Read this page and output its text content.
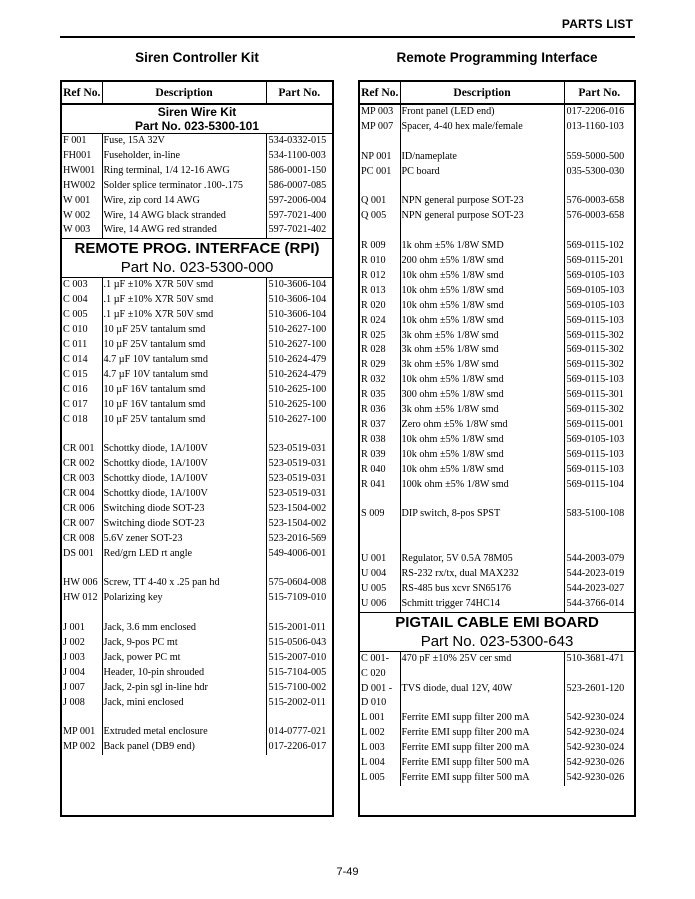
PARTS LIST
Siren Controller Kit	Remote Programming Interface
Ref No.	Description	Part No.

Siren Wire Kit
Part No. 023-5300-101		

F 001	Fuse, 15A 32V	534-0332-015
FH001	Fuseholder, in-line	534-1100-003
HW001	Ring terminal, 1/4 12-16 AWG	586-0001-150
HW002	Solder splice terminator .100-.175	586-0007-085
W 001	Wire, zip cord 14 AWG	597-2006-004
W 002	Wire, 14 AWG black stranded	597-7021-400
W 003	Wire, 14 AWG red stranded	597-7021-402

REMOTE PROG. INTERFACE (RPI)
Part No. 023-5300-000		

C 003	.1 µF ±10% X7R 50V smd	510-3606-104
C 004	.1 µF ±10% X7R 50V smd	510-3606-104
C 005	.1 µF ±10% X7R 50V smd	510-3606-104
C 010	10 µF 25V tantalum smd	510-2627-100
C 011	10 µF 25V tantalum smd	510-2627-100
C 014	4.7 µF 10V tantalum smd	510-2624-479
C 015	4.7 µF 10V tantalum smd	510-2624-479
C 016	10 µF 16V tantalum smd	510-2625-100
C 017	10 µF 16V tantalum smd	510-2625-100
C 018	10 µF 25V tantalum smd	510-2627-100

CR 001	Schottky diode, 1A/100V	523-0519-031
CR 002	Schottky diode, 1A/100V	523-0519-031
CR 003	Schottky diode, 1A/100V	523-0519-031
CR 004	Schottky diode, 1A/100V	523-0519-031
CR 006	Switching diode SOT-23	523-1504-002
CR 007	Switching diode SOT-23	523-1504-002
CR 008	5.6V zener SOT-23	523-2016-569
DS 001	Red/grn LED rt angle	549-4006-001

HW 006	Screw, TT 4-40 x .25 pan hd	575-0604-008
HW 012	Polarizing key	515-7109-010

J 001	Jack, 3.6 mm enclosed	515-2001-011
J 002	Jack, 9-pos PC mt	515-0506-043
J 003	Jack, power PC mt	515-2007-010
J 004	Header, 10-pin shrouded	515-7104-005
J 007	Jack, 2-pin sgl in-line hdr	515-7100-002
J 008	Jack, mini enclosed	515-2002-011

MP 001	Extruded metal enclosure	014-0777-021
MP 002	Back panel (DB9 end)	017-2206-017
Ref No.	Description	Part No.
MP 003	Front panel (LED end)	017-2206-016
MP 007	Spacer, 4-40 hex male/female	013-1160-103

NP 001	ID/nameplate	559-5000-500
PC 001	PC board	035-5300-030

Q 001	NPN general purpose SOT-23	576-0003-658
Q 005	NPN general purpose SOT-23	576-0003-658

R 009	1k ohm ±5% 1/8W SMD	569-0115-102
R 010	200 ohm ±5% 1/8W smd	569-0115-201
R 012	10k ohm ±5% 1/8W smd	569-0105-103
R 013	10k ohm ±5% 1/8W smd	569-0105-103
R 020	10k ohm ±5% 1/8W smd	569-0105-103
R 024	10k ohm ±5% 1/8W smd	569-0115-103
R 025	3k ohm ±5% 1/8W smd	569-0115-302
R 028	3k ohm ±5% 1/8W smd	569-0115-302
R 029	3k ohm ±5% 1/8W smd	569-0115-302
R 032	10k ohm ±5% 1/8W smd	569-0115-103
R 035	300 ohm ±5% 1/8W smd	569-0115-301
R 036	3k ohm ±5% 1/8W smd	569-0115-302
R 037	Zero ohm ±5% 1/8W smd	569-0115-001
R 038	10k ohm ±5% 1/8W smd	569-0105-103
R 039	10k ohm ±5% 1/8W smd	569-0115-103
R 040	10k ohm ±5% 1/8W smd	569-0115-103
R 041	100k ohm ±5% 1/8W smd	569-0115-104

S 009	DIP switch, 8-pos SPST	583-5100-108

U 001	Regulator, 5V 0.5A 78M05	544-2003-079
U 004	RS-232 rx/tx, dual MAX232	544-2023-019
U 005	RS-485 bus xcvr SN65176	544-2023-027
U 006	Schmitt trigger 74HC14	544-3766-014

PIGTAIL CABLE EMI BOARD
Part No. 023-5300-643		

C 001-	470 pF ±10% 25V cer smd	510-3681-471
C 020		
D 001 -	TVS diode, dual 12V, 40W	523-2601-120
D 010		
L 001	Ferrite EMI supp filter 200 mA	542-9230-024
L 002	Ferrite EMI supp filter 200 mA	542-9230-024
L 003	Ferrite EMI supp filter 200 mA	542-9230-024
L 004	Ferrite EMI supp filter 500 mA	542-9230-026
L 005	Ferrite EMI supp filter 500 mA	542-9230-026
7-49
